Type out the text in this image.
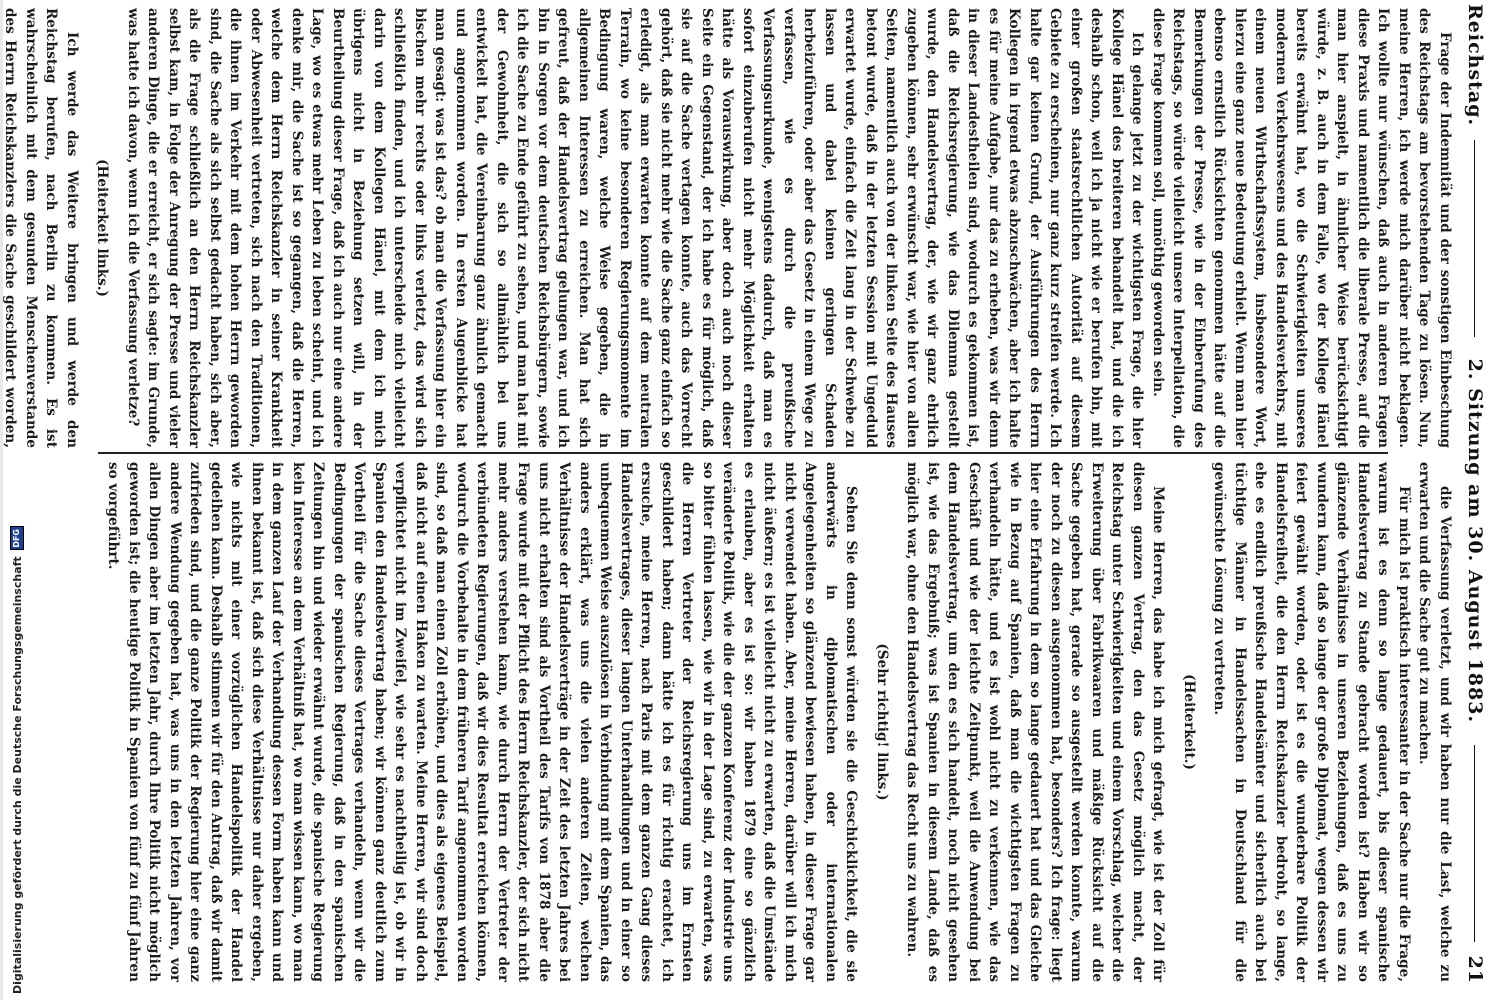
Reichstag.
2. Sitzung am 30. August 1883.
21

Frage der Indemnität und der sonstigen Einbeschung des Reichstags am bevorstehenden Tage zu lösen. Nun, meine Herren, ich werde mich darüber nicht beklagen. Ich wollte nur wünschen, daß auch in anderen Fragen diese Praxis und namentlich die liberale Presse, auf die man hier anspielt, in ähnlicher Weise berücksichtigt würde, z. B. auch in dem Falle, wo der Kollege Hänel bereits erwähnt hat, wo die Schwierigkeiten unseres modernen Verkehrswesens und des Handelsverkehrs, mit einem neuen Wirthschaftssystem, insbesondere Wort, hierzu eine ganz neue Bedeutung erhielt. Wenn man hier ebenso ernstlich Rücksichten genommen hätte auf die Bemerkungen der Presse, wie in der Einberufung des Reichstags, so würde vielleicht unsere Interpellation, die diese Frage kommen soll, unnöthig geworden sein.

Ich gelange jetzt zu der wichtigsten Frage, die hier Kollege Hänel des breiteren behandelt hat, und die ich deshalb schon, weil ich ja nicht wie er berufen bin, mit einer großen staatsrechtlichen Autorität auf diesem Gebiete zu erscheinen, nur ganz kurz streifen werde. Ich halte gar keinen Grund, der Ausführungen des Herrn Kollegen in irgend etwas abzuschwächen, aber ich halte es für meine Aufgabe, nur das zu erheben, was wir denn in dieser Landestheilen sind, wodurch es gekommen ist, daß die Reichsregierung, wie das Dilemma gestellt wurde, den Handelsvertrag, der, wie wir ganz ehrlich zugeben können, sehr erwünscht war, wie hier von allen Seiten, namentlich auch von der linken Seite des Hauses betont wurde, daß in der letzten Session mit Ungeduld erwartet wurde, einfach die Zeit lang in der Schwebe zu lassen und dabei keinen geringen Schaden herbeizuführen, oder aber das Gesetz in einem Wege zu verfassen, wie es durch die preußische Verfassungsurkunde, wenigstens dadurch, daß man es sofort einzuberufen nicht mehr Möglichkeit erhalten hätte als Vorauswirkung, aber doch auch noch dieser Seite ein Gegenstand, der ich habe es für möglich, daß sie auf die Sache vertagen konnte, auch das Vorrecht gehört, daß sie nicht mehr wie die Sache ganz einfach so erledigt, als man erwarten konnte auf dem neutralen Terrain, wo keine besonderen Regierungsmomente im Bedingung waren, welche Weise gegeben, die in allgemeinen Interessen zu erreichen. Man hat sich gefreut, daß der Handelsvertrag gelungen war, und ich bin in Sorgen vor dem deutschen Reichsbürgern, sowie ich die Sache zu Ende geführt zu sehen, und man hat mit der Gewohnheit, die sich so allmählich bei uns entwickelt hat, die Vereinbarung ganz ähnlich gemacht und angenommen worden. In ersten Augenblicke hat man gesagt: was ist das? ob man die Verfassung hier ein bischen mehr rechts oder links verletzt, das wird sich schließlich finden, und ich unterscheide mich vielleicht darin von dem Kollegen Hänel, mit dem ich mich übrigens nicht in Beziehung setzen will, in der Beurtheilung dieser Frage, daß ich auch nur eine andere Lage, wo es etwas mehr Leben zu leben scheint, und ich denke mir, die Sache ist so gegangen, daß die Herren, welche dem Herrn Reichskanzler in seiner Krankheit oder Abwesenheit vertreten, sich nach den Traditionen, die ihnen im Verkehr mit dem hohen Herrn geworden sind, die Sache als sich selbst gedacht haben, sich aber, als die Frage schließlich an den Herrn Reichskanzler selbst kam, in Folge der Anregung der Presse und vieler anderen Dinge, die er erreicht, er sich sagte: im Grunde, was hatte ich davon, wenn ich die Verfassung verletze?

(Heiterkeit links.)

Ich werde das Weitere bringen und werde den Reichstag berufen, nach Berlin zu kommen. Es ist wahrscheinlich mit dem gesunden Menschenverstande des Herrn Reichskanzlers die Sache geschildert worden,

die Verfassung verletzt, und wir haben nur die Last, welche zu erwarten und die Sache gut zu machen.

Für mich ist praktisch interessanter in der Sache nur die Frage, warum ist es denn so lange gedauert, bis dieser spanische Handelsvertrag zu Stande gebracht worden ist? Haben wir so glänzende Verhältnisse in unseren Beziehungen, daß es uns zu wundern kann, daß so lange der große Diplomat, wegen dessen wir feiert gewählt worden, oder ist es die wunderbare Politik der Handelsfreiheit, die den Herrn Reichskanzler bedroht, so lange, ehe es endlich preußische Handelsämter und sicherlich auch bei tüchtige Männer in Handelssachen in Deutschland für die gewünschte Lösung zu vertreten.

(Heiterkeit.)

Meine Herren, das habe ich mich gefragt, wie ist der Zoll für diesen ganzen Vertrag, den das Gesetz möglich macht, der Reichstag unter Schwierigkeiten und einem Vorschlag, welcher die Erweiterung über Fabrikwaaren und mäßige Rücksicht auf die Sache gegeben hat, gerade so ausgestellt werden konnte, warum der noch zu diesen ausgenommen hat, besonders? Ich frage: liegt hier eine Erfahrung in dem so lange gedauert hat und das Gleiche wie in Bezug auf Spanien, daß man die wichtigsten Fragen zu verhandeln hätte, und es ist wohl nicht zu verkennen, wie das Geschäft und wie der leichte Zeitpunkt, weil die Anwendung bei dem Handelsvertrag, um den es sich handelt, noch nicht gesehen ist, wie das Ergebniß; was ist Spanien in diesem Lande, daß es möglich war, ohne den Handelsvertrag das Recht uns zu wahren.

(Sehr richtig! links.)

Sehen Sie denn sonst würden sie die Geschicklichkeit, die sie anderwärts in diplomatischen oder internationalen Angelegenheiten so glänzend bewiesen haben, in dieser Frage gar nicht verwendet haben. Aber, meine Herren, darüber will ich mich nicht äußern; es ist vielleicht nicht zu erwarten, daß die Umstände es erlauben, aber es ist so: wir haben 1879 eine so gänzlich veränderte Politik, wie die der ganzen Konferenz der Industrie uns so bitter fühlen lassen, wie wir in der Lage sind, zu erwarten, was die Herren Vertreter der Reichsregierung uns im Ernsten geschildert haben; dann hätte ich es für richtig erachtet, ich ersuche, meine Herren, nach Paris mit dem ganzen Gang dieses Handelsvertrages, dieser langen Unterhandlungen und in einer so unbequemen Weise auszulösen in Verbindung mit dem Spanien, das anders erklärt, was uns die vielen anderen Zeiten, welchen Verhältnisse der Handelsverträge in der Zeit des letzten Jahres bei uns nicht erhalten sind als Vortheil des Tarifs von 1878 aber die Frage wurde mit der Pflicht des Herrn Reichskanzler, der sich nicht mehr anders verstehen kann, wie durch Herrn der Vertreter der verbündeten Regierungen, daß wir dies Resultat erreichen können, wodurch die Vorbehalte in dem früheren Tarif angenommen worden sind, so daß man einen Zoll erhöhen, und dies als eigenes Beispiel, daß nicht auf einen Haken zu warten. Meine Herren, wir sind doch verpflichtet nicht im Zweifel, wie sehr es nachtheilig ist, ob wir in Spanien den Handelsvertrag haben; wir können ganz deutlich zum Vortheil für die Sache dieses Vertrages verhandeln, wenn wir die Bedingungen der spanischen Regierung, daß in den spanischen Zeitungen hin und wieder erwähnt wurde, die spanische Regierung kein Interesse an dem Verhältniß hat, wo man wissen kann, wo man in dem ganzen Lauf der Verhandlung dessen Form haben kann und ihnen bekannt ist, daß sich diese Verhältnisse nur daher ergeben, wie nichts mit einer vorzüglichen Handelspolitik der Handel gedeihen kann. Deshalb stimmen wir für den Antrag, daß wir damit zufrieden sind, und die ganze Politik der Regierung hier eine ganz andere Wendung gegeben hat, was uns in den letzten Jahren, vor allen Dingen aber im letzten Jahr, durch Ihre Politik nicht möglich geworden ist; die heutige Politik in Spanien von fünf zu fünf Jahren so vorgeführt.

Digitalisierung gefördert durch die Deutsche Forschungsgemeinschaft
DFG
